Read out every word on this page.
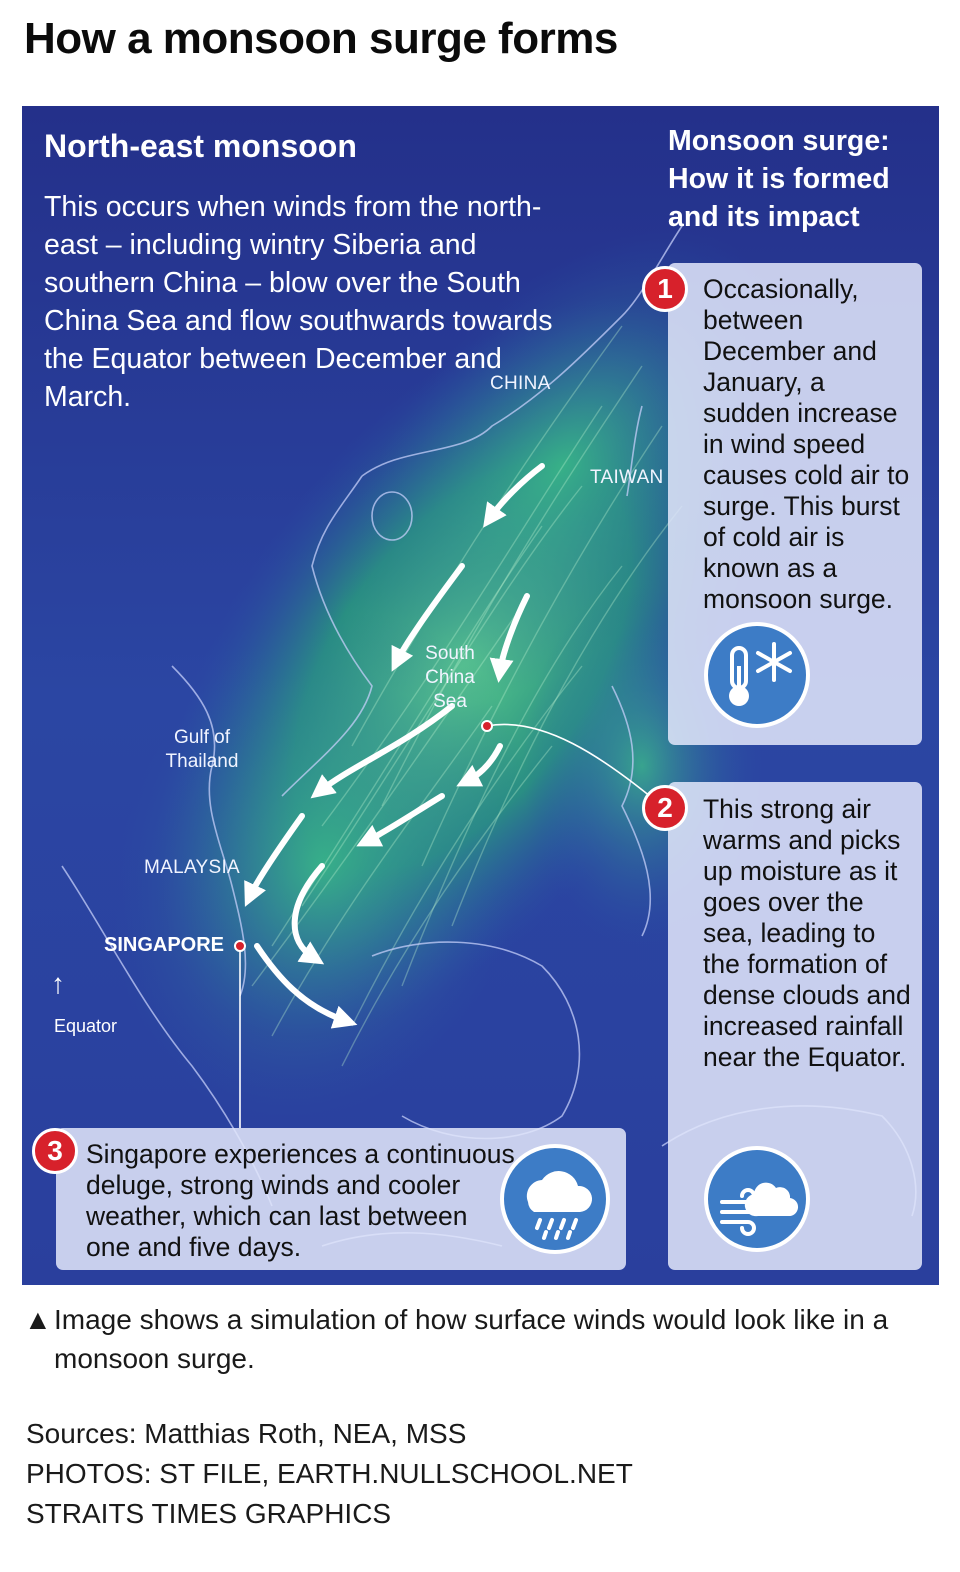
How a monsoon surge forms
North-east monsoon
This occurs when winds from the north-east – including wintry Siberia and southern China – blow over the South China Sea and flow southwards towards the Equator between December and March.
Monsoon surge: How it is formed and its impact
CHINA
TAIWAN
South China Sea
Gulf of Thailand
MALAYSIA
SINGAPORE
↑
Equator
1	Occasionally, between December and January, a sudden increase in wind speed causes cold air to surge. This burst of cold air is known as a monsoon surge.
2	This strong air warms and picks up moisture as it goes over the sea, leading to the formation of dense clouds and increased rainfall near the Equator.
3 Singapore experiences a continuous deluge, strong winds and cooler weather, which can last between one and five days.
▲ Image shows a simulation of how surface winds would look like in a monsoon surge.
Sources: Matthias Roth, NEA, MSS
PHOTOS: ST FILE, EARTH.NULLSCHOOL.NET
STRAITS TIMES GRAPHICS
